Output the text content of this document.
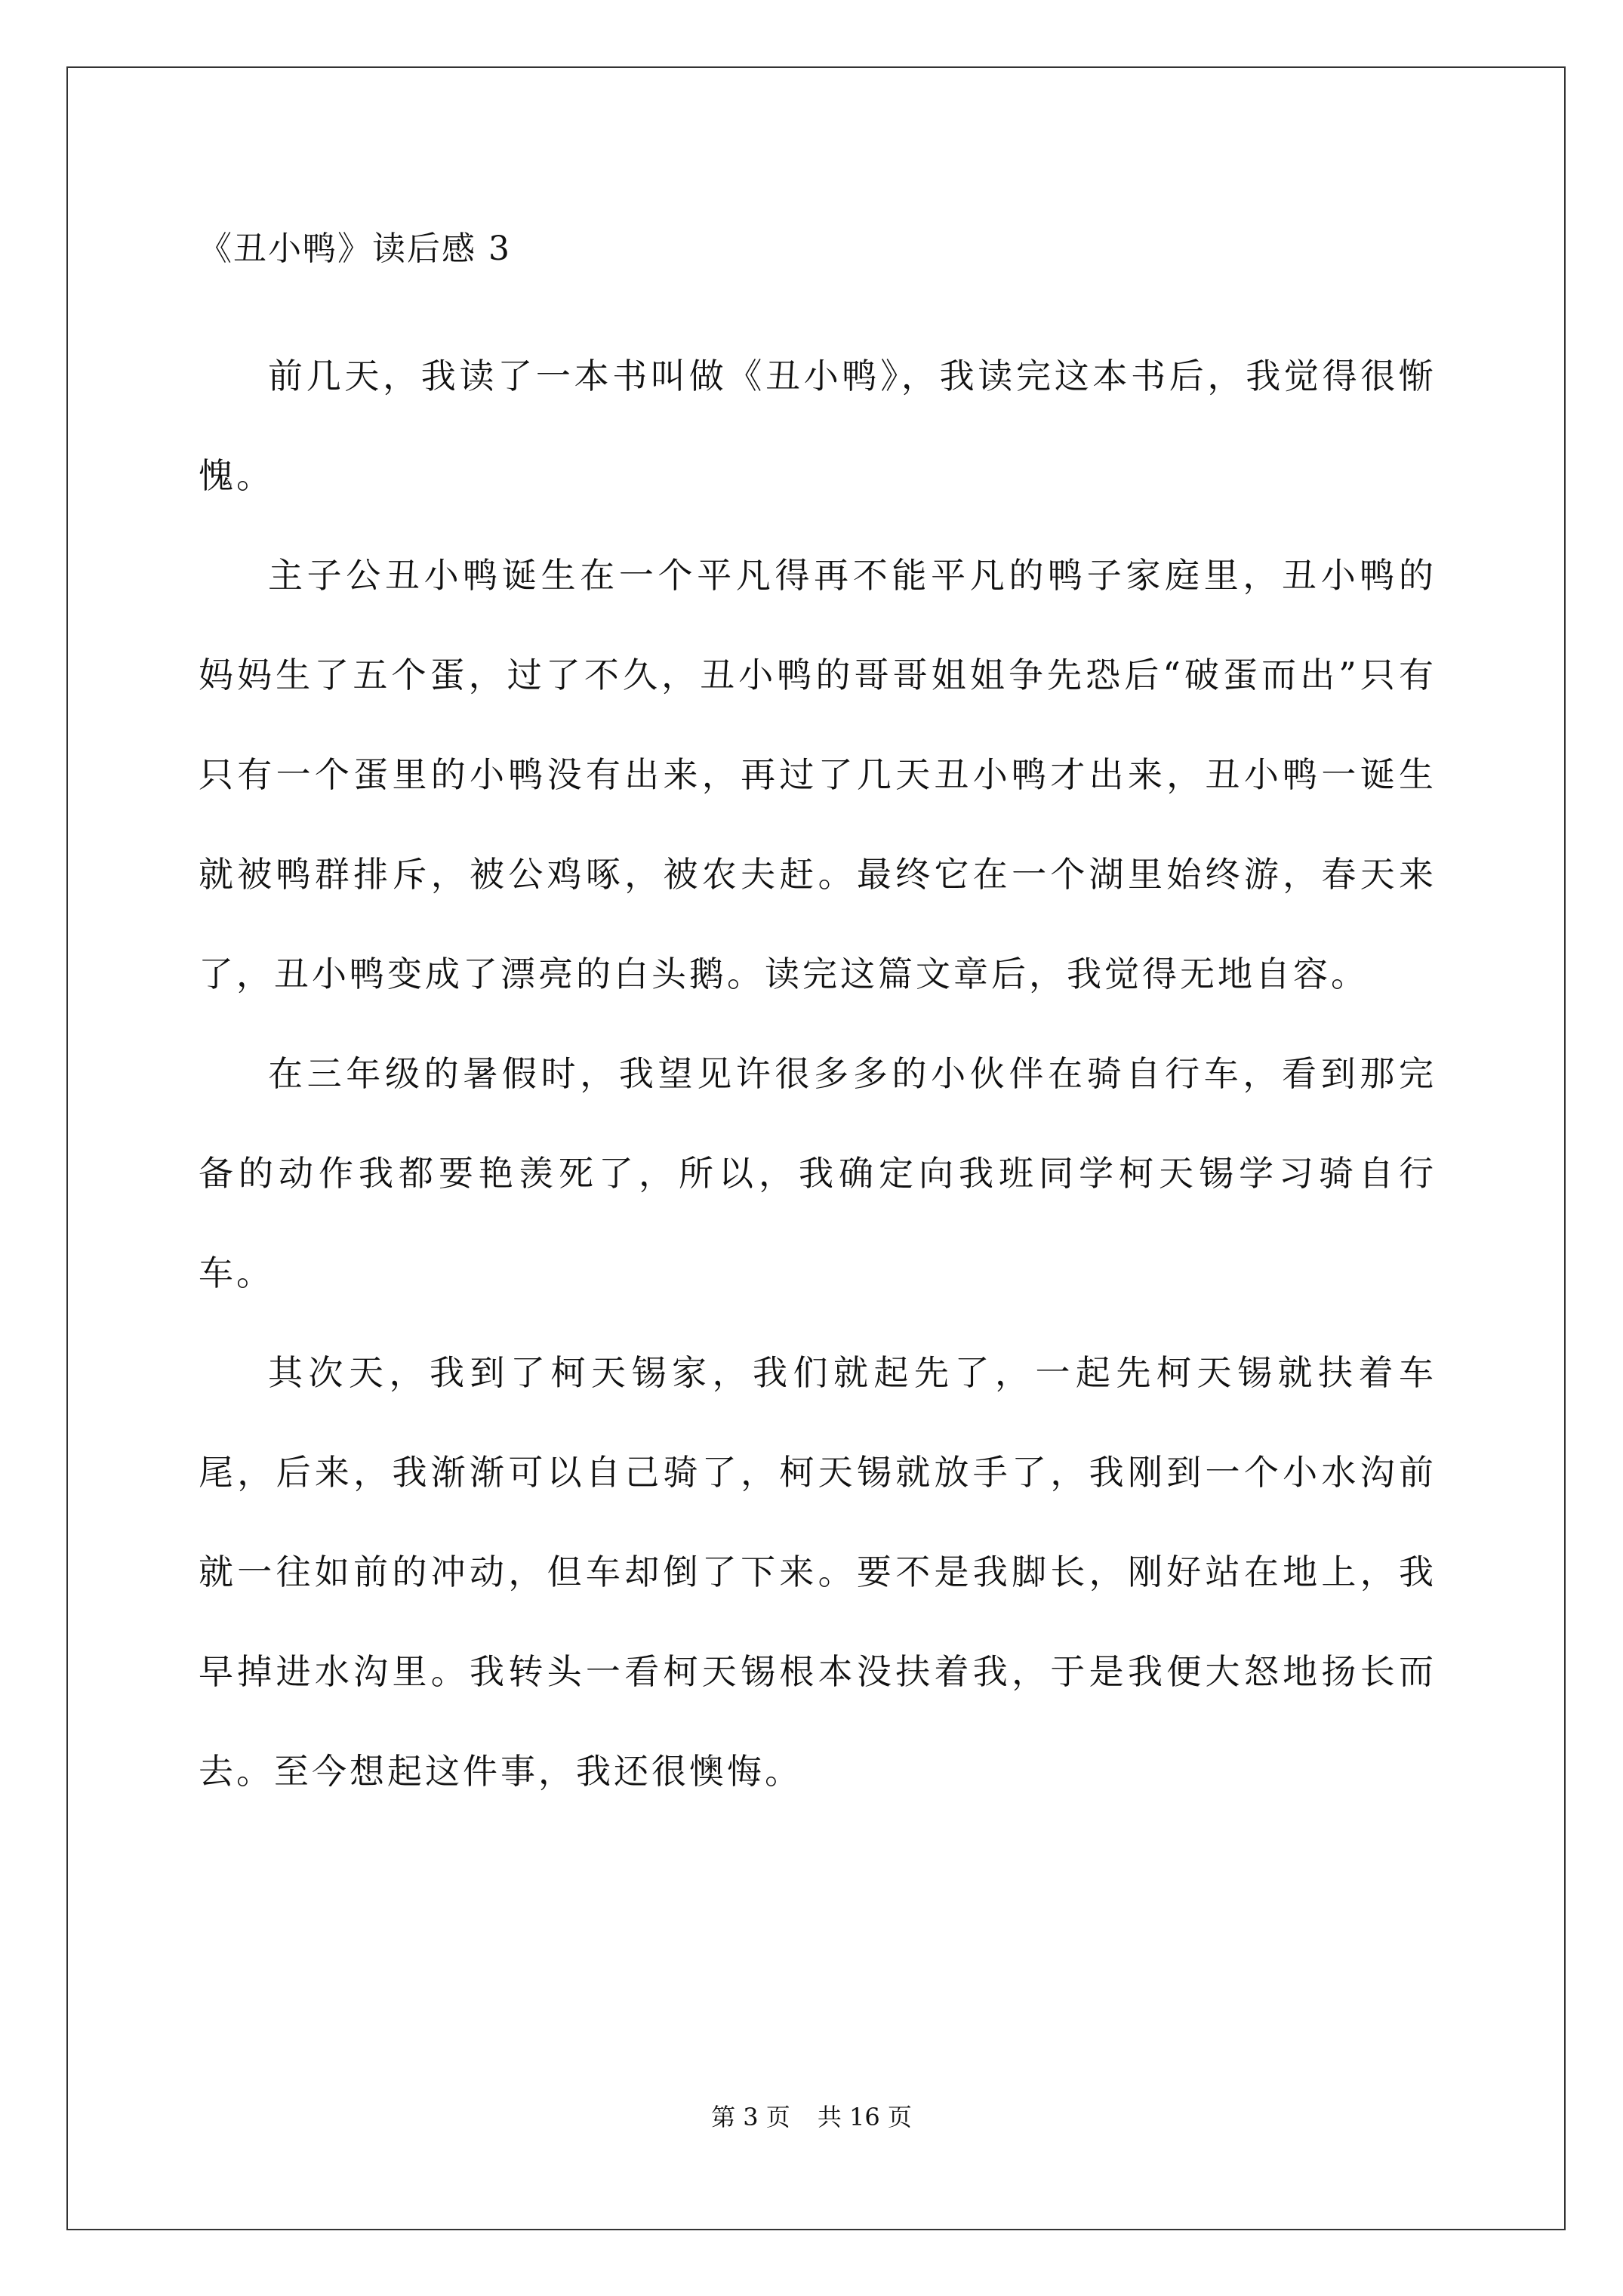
《丑小鸭》读后感 3

前几天，我读了一本书叫做《丑小鸭》，我读完这本书后，我觉得很惭愧。

主子公丑小鸭诞生在一个平凡得再不能平凡的鸭子家庭里，丑小鸭的妈妈生了五个蛋，过了不久，丑小鸭的哥哥姐姐争先恐后“破蛋而出”只有只有一个蛋里的小鸭没有出来，再过了几天丑小鸭才出来，丑小鸭一诞生就被鸭群排斥，被公鸡啄，被农夫赶。最终它在一个湖里始终游，春天来了，丑小鸭变成了漂亮的白头鹅。读完这篇文章后，我觉得无地自容。

在三年级的暑假时，我望见许很多多的小伙伴在骑自行车，看到那完备的动作我都要艳羡死了，所以，我确定向我班同学柯天锡学习骑自行车。

其次天，我到了柯天锡家，我们就起先了，一起先柯天锡就扶着车尾，后来，我渐渐可以自己骑了，柯天锡就放手了，我刚到一个小水沟前就一往如前的冲动，但车却倒了下来。要不是我脚长，刚好站在地上，我早掉进水沟里。我转头一看柯天锡根本没扶着我，于是我便大怒地扬长而去。至今想起这件事，我还很懊悔。

第 3 页 共 16 页
